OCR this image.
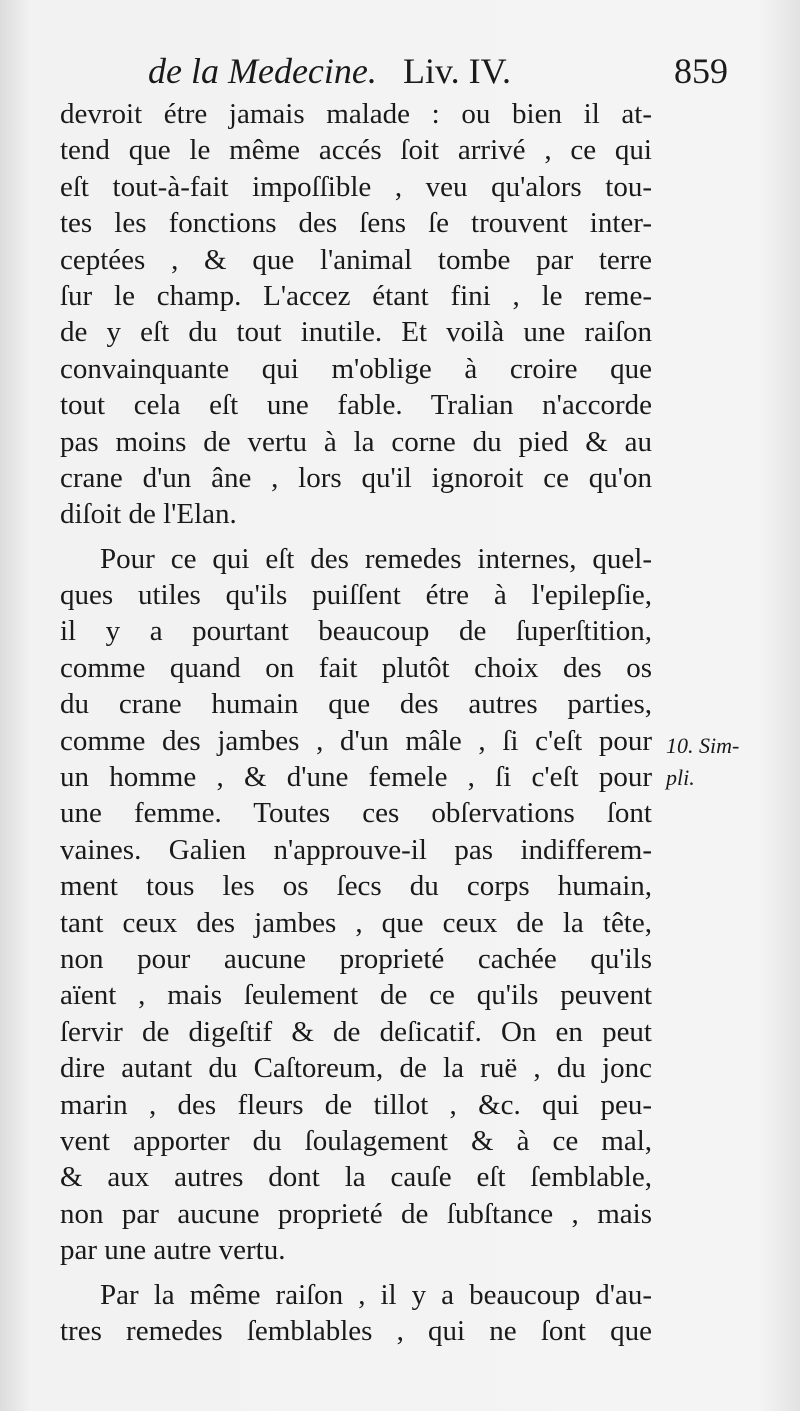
de la Medecine. Liv. IV.	859
devroit étre jamais malade : ou bien il at-
tend que le même accés ſoit arrivé , ce qui
eſt tout-à-fait impoſſible , veu qu'alors tou-
tes les fonctions des ſens ſe trouvent inter-
ceptées , & que l'animal tombe par terre
ſur le champ. L'accez étant fini , le reme-
de y eſt du tout inutile. Et voilà une raiſon
convainquante qui m'oblige à croire que
tout cela eſt une fable. Tralian n'accorde
pas moins de vertu à la corne du pied & au
crane d'un âne , lors qu'il ignoroit ce qu'on
diſoit de l'Elan.
Pour ce qui eſt des remedes internes, quel-
ques utiles qu'ils puiſſent étre à l'epilepſie,
il y a pourtant beaucoup de ſuperſtition,
comme quand on fait plutôt choix des os
du crane humain que des autres parties,
comme des jambes , d'un mâle , ſi c'eſt pour
un homme , & d'une femele , ſi c'eſt pour
une femme. Toutes ces obſervations ſont
vaines. Galien n'approuve-il pas indifferem-
ment tous les os ſecs du corps humain,
tant ceux des jambes , que ceux de la tête,
non pour aucune proprieté cachée qu'ils
aïent , mais ſeulement de ce qu'ils peuvent
ſervir de digeſtif & de deſicatif. On en peut
dire autant du Caſtoreum, de la ruë , du jonc
marin , des fleurs de tillot , &c. qui peu-
vent apporter du ſoulagement & à ce mal,
& aux autres dont la cauſe eſt ſemblable,
non par aucune proprieté de ſubſtance , mais
par une autre vertu.
Par la même raiſon , il y a beaucoup d'au-
tres remedes ſemblables , qui ne ſont que
10. Sim-
pli.
